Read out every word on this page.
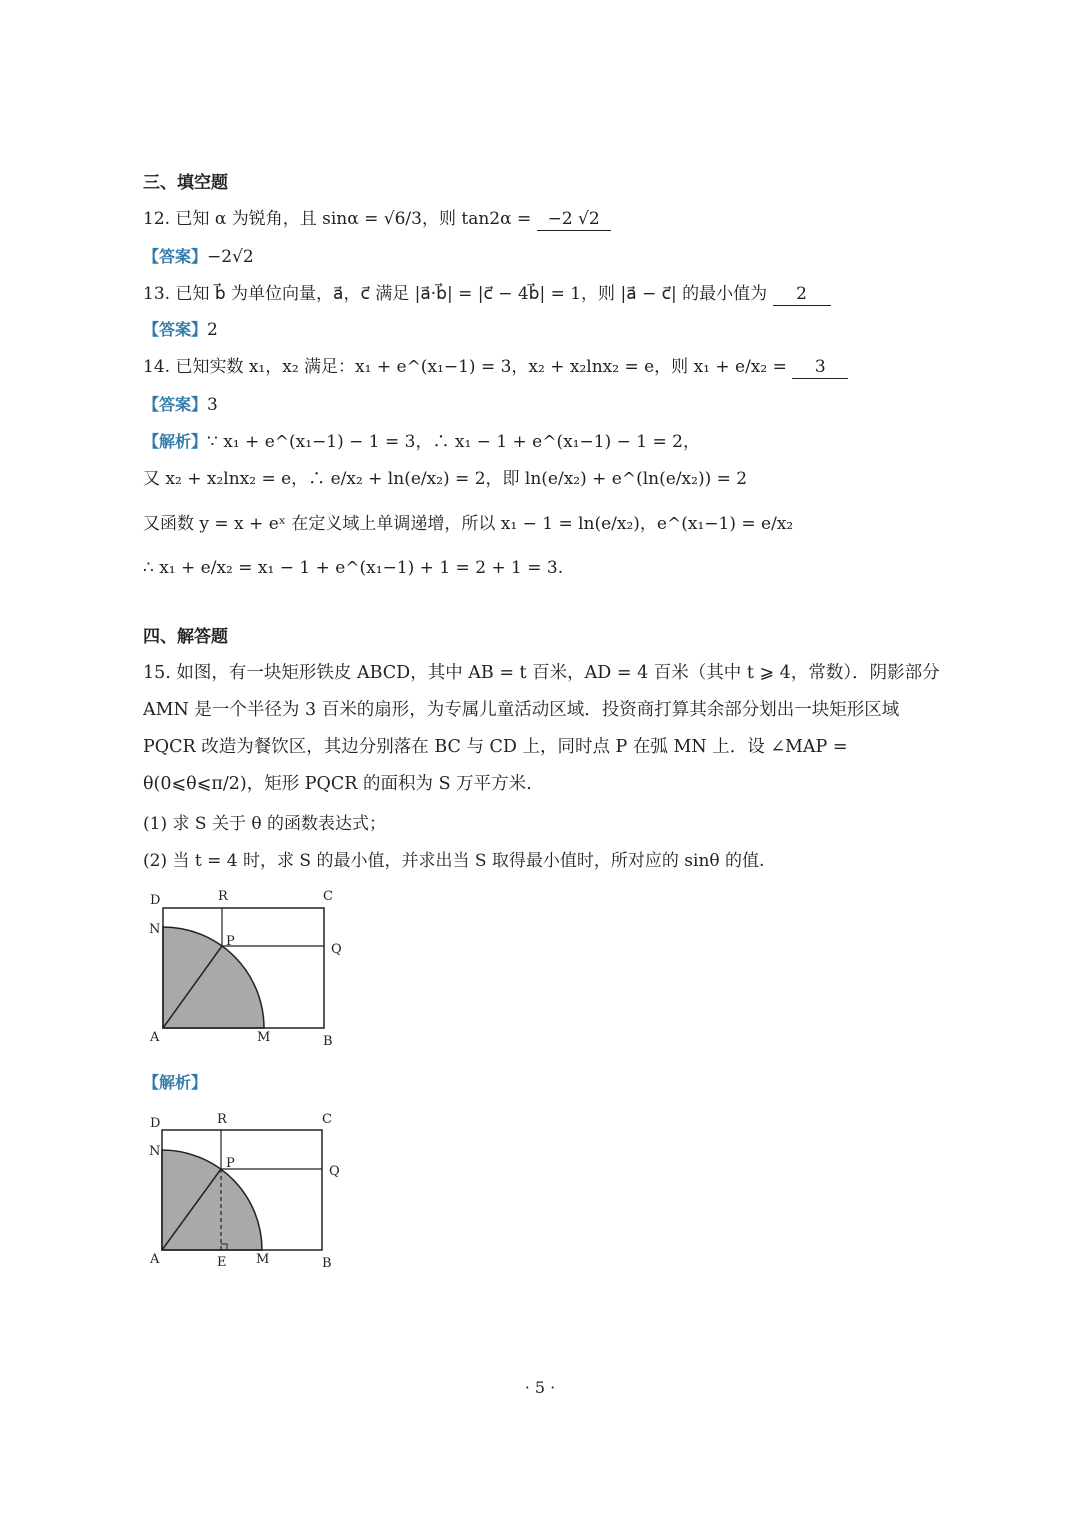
三、填空题
12. 已知 α 为锐角，且 sinα = √6/3，则 tan2α = −2 √2
【答案】−2√2
13. 已知 b⃗ 为单位向量，a⃗，c⃗ 满足 |a⃗·b⃗| = |c⃗ − 4b⃗| = 1，则 |a⃗ − c⃗| 的最小值为 2
【答案】2
14. 已知实数 x₁，x₂ 满足：x₁ + e^(x₁−1) = 3，x₂ + x₂lnx₂ = e，则 x₁ + e/x₂ = 3
【答案】3
【解析】∵ x₁ + e^(x₁−1) − 1 = 3，∴ x₁ − 1 + e^(x₁−1) − 1 = 2，
又 x₂ + x₂lnx₂ = e，∴ e/x₂ + ln(e/x₂) = 2，即 ln(e/x₂) + e^(ln(e/x₂)) = 2
又函数 y = x + eˣ 在定义域上单调递增，所以 x₁ − 1 = ln(e/x₂)，e^(x₁−1) = e/x₂
∴ x₁ + e/x₂ = x₁ − 1 + e^(x₁−1) + 1 = 2 + 1 = 3.
四、解答题
15. 如图，有一块矩形铁皮 ABCD，其中 AB = t 百米，AD = 4 百米（其中 t ⩾ 4，常数）．阴影部分
AMN 是一个半径为 3 百米的扇形，为专属儿童活动区域．投资商打算其余部分划出一块矩形区域
PQCR 改造为餐饮区，其边分别落在 BC 与 CD 上，同时点 P 在弧 MN 上．设 ∠MAP =
θ(0⩽θ⩽π/2)，矩形 PQCR 的面积为 S 万平方米.
(1) 求 S 关于 θ 的函数表达式；
(2) 当 t = 4 时，求 S 的最小值，并求出当 S 取得最小值时，所对应的 sinθ 的值.
D	R	C
N
P
Q
A	M	B
【解析】
D	R	C
N
P
Q
A	E M	B
· 5 ·
